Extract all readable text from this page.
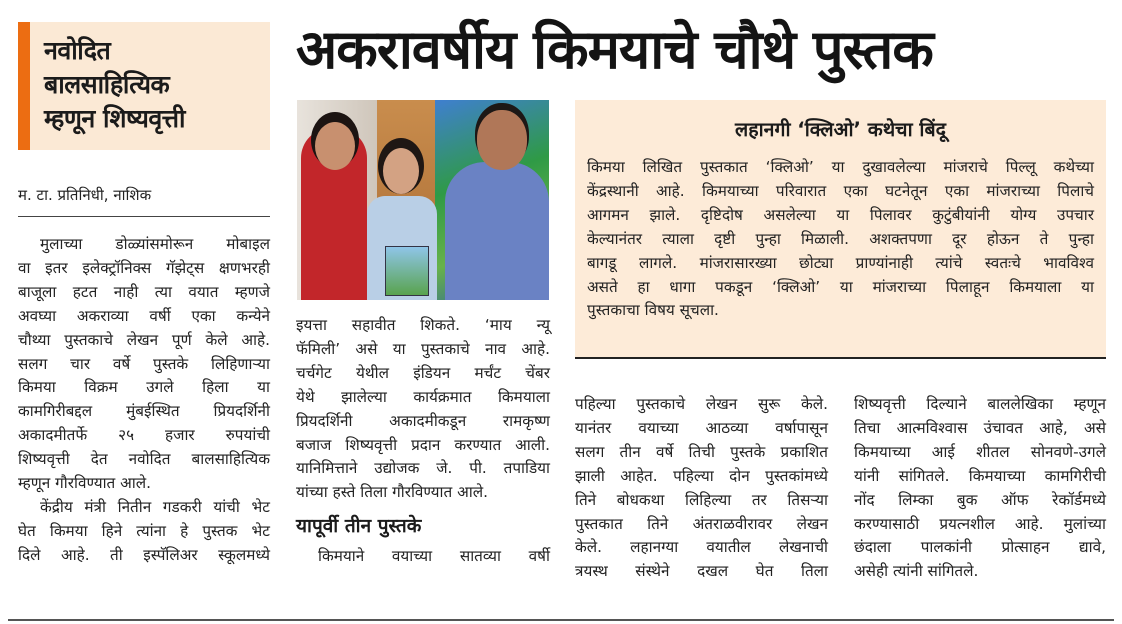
नवोदित
बालसाहित्यिक
म्हणून शिष्यवृत्ती
अकरावर्षीय किमयाचे चौथे पुस्तक
म. टा. प्रतिनिधी, नाशिक
मुलाच्या डोळ्यांसमोरून मोबाइल
वा इतर इलेक्ट्रॉनिक्स गॅझेट्स क्षणभरही
बाजूला हटत नाही त्या वयात म्हणजे
अवघ्या अकराव्या वर्षी एका कन्येने
चौथ्या पुस्तकाचे लेखन पूर्ण केले आहे.
सलग चार वर्षे पुस्तके लिहिणाऱ्या
किमया विक्रम उगले हिला या
कामगिरीबद्दल मुंबईस्थित प्रियदर्शिनी
अकादमीतर्फे २५ हजार रुपयांची
शिष्यवृत्ती देत नवोदित बालसाहित्यिक
म्हणून गौरविण्यात आले.
केंद्रीय मंत्री नितीन गडकरी यांची भेट
घेत किमया हिने त्यांना हे पुस्तक भेट
दिले आहे. ती इस्पॅलिअर स्कूलमध्ये
इयत्ता सहावीत शिकते. ‘माय न्यू
फॅमिली’ असे या पुस्तकाचे नाव आहे.
चर्चगेट येथील इंडियन मर्चंट चेंबर
येथे झालेल्या कार्यक्रमात किमयाला
प्रियदर्शिनी अकादमीकडून रामकृष्ण
बजाज शिष्यवृत्ती प्रदान करण्यात आली.
यानिमित्ताने उद्योजक जे. पी. तपाडिया
यांच्या हस्ते तिला गौरविण्यात आले.
यापूर्वी तीन पुस्तके
किमयाने वयाच्या सातव्या वर्षी
लहानगी ‘क्लिओ’ कथेचा बिंदू
किमया लिखित पुस्तकात ‘क्लिओ’ या दुखावलेल्या मांजराचे पिल्लू कथेच्या
केंद्रस्थानी आहे. किमयाच्या परिवारात एका घटनेतून एका मांजराच्या पिलाचे
आगमन झाले. दृष्टिदोष असलेल्या या पिलावर कुटुंबीयांनी योग्य उपचार
केल्यानंतर त्याला दृष्टी पुन्हा मिळाली. अशक्तपणा दूर होऊन ते पुन्हा
बागडू लागले. मांजरासारख्या छोट्या प्राण्यांनाही त्यांचे स्वतःचे भावविश्व
असते हा धागा पकडून ‘क्लिओ’ या मांजराच्या पिलाहून किमयाला या
पुस्तकाचा विषय सूचला.
पहिल्या पुस्तकाचे लेखन सुरू केले.
यानंतर वयाच्या आठव्या वर्षापासून
सलग तीन वर्षे तिची पुस्तके प्रकाशित
झाली आहेत. पहिल्या दोन पुस्तकांमध्ये
तिने बोधकथा लिहिल्या तर तिसऱ्या
पुस्तकात तिने अंतराळवीरावर लेखन
केले. लहानग्या वयातील लेखनाची
त्रयस्थ संस्थेने दखल घेत तिला
शिष्यवृत्ती दिल्याने बाललेखिका म्हणून
तिचा आत्मविश्वास उंचावत आहे, असे
किमयाच्या आई शीतल सोनवणे-उगले
यांनी सांगितले. किमयाच्या कामगिरीची
नोंद लिम्का बुक ऑफ रेकॉर्डमध्ये
करण्यासाठी प्रयत्नशील आहे. मुलांच्या
छंदाला पालकांनी प्रोत्साहन द्यावे,
असेही त्यांनी सांगितले.
